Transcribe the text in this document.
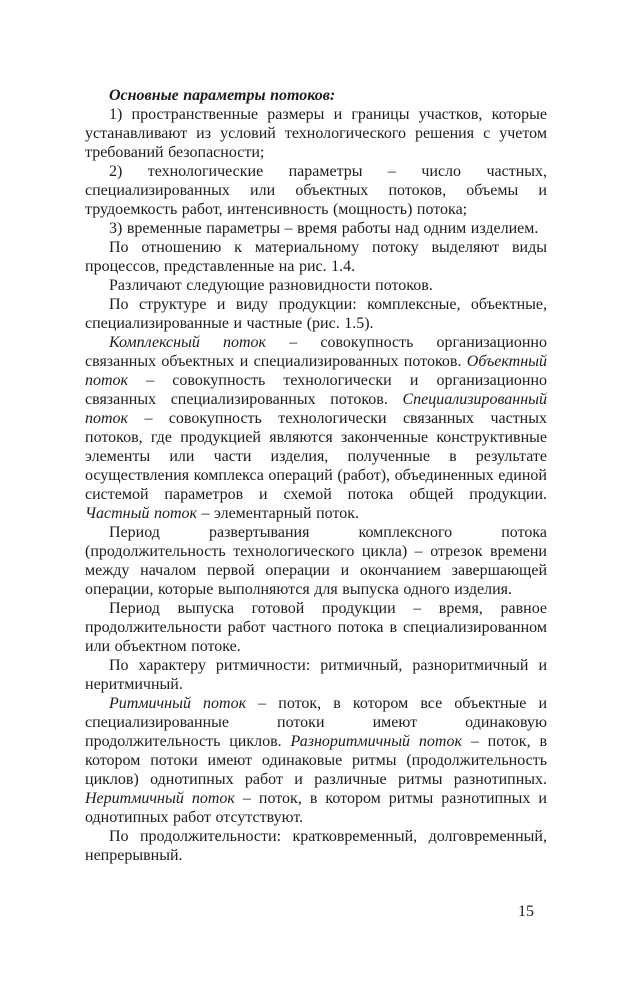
Основные параметры потоков:

1) пространственные размеры и границы участков, которые устанавливают из условий технологического решения с учетом требований безопасности;

2) технологические параметры – число частных, специализированных или объектных потоков, объемы и трудоемкость работ, интенсивность (мощность) потока;

3) временные параметры – время работы над одним изделием.

По отношению к материальному потоку выделяют виды процессов, представленные на рис. 1.4.

Различают следующие разновидности потоков.

По структуре и виду продукции: комплексные, объектные, специализированные и частные (рис. 1.5).

Комплексный поток – совокупность организационно связанных объектных и специализированных потоков. Объектный поток – совокупность технологически и организационно связанных специализированных потоков. Специализированный поток – совокупность технологически связанных частных потоков, где продукцией являются законченные конструктивные элементы или части изделия, полученные в результате осуществления комплекса операций (работ), объединенных единой системой параметров и схемой потока общей продукции. Частный поток – элементарный поток.

Период развертывания комплексного потока (продолжительность технологического цикла) – отрезок времени между началом первой операции и окончанием завершающей операции, которые выполняются для выпуска одного изделия.

Период выпуска готовой продукции – время, равное продолжительности работ частного потока в специализированном или объектном потоке.

По характеру ритмичности: ритмичный, разноритмичный и неритмичный.

Ритмичный поток – поток, в котором все объектные и специализированные потоки имеют одинаковую продолжительность циклов. Разноритмичный поток – поток, в котором потоки имеют одинаковые ритмы (продолжительность циклов) однотипных работ и различные ритмы разнотипных. Неритмичный поток – поток, в котором ритмы разнотипных и однотипных работ отсутствуют.

По продолжительности: кратковременный, долговременный, непрерывный.

15
